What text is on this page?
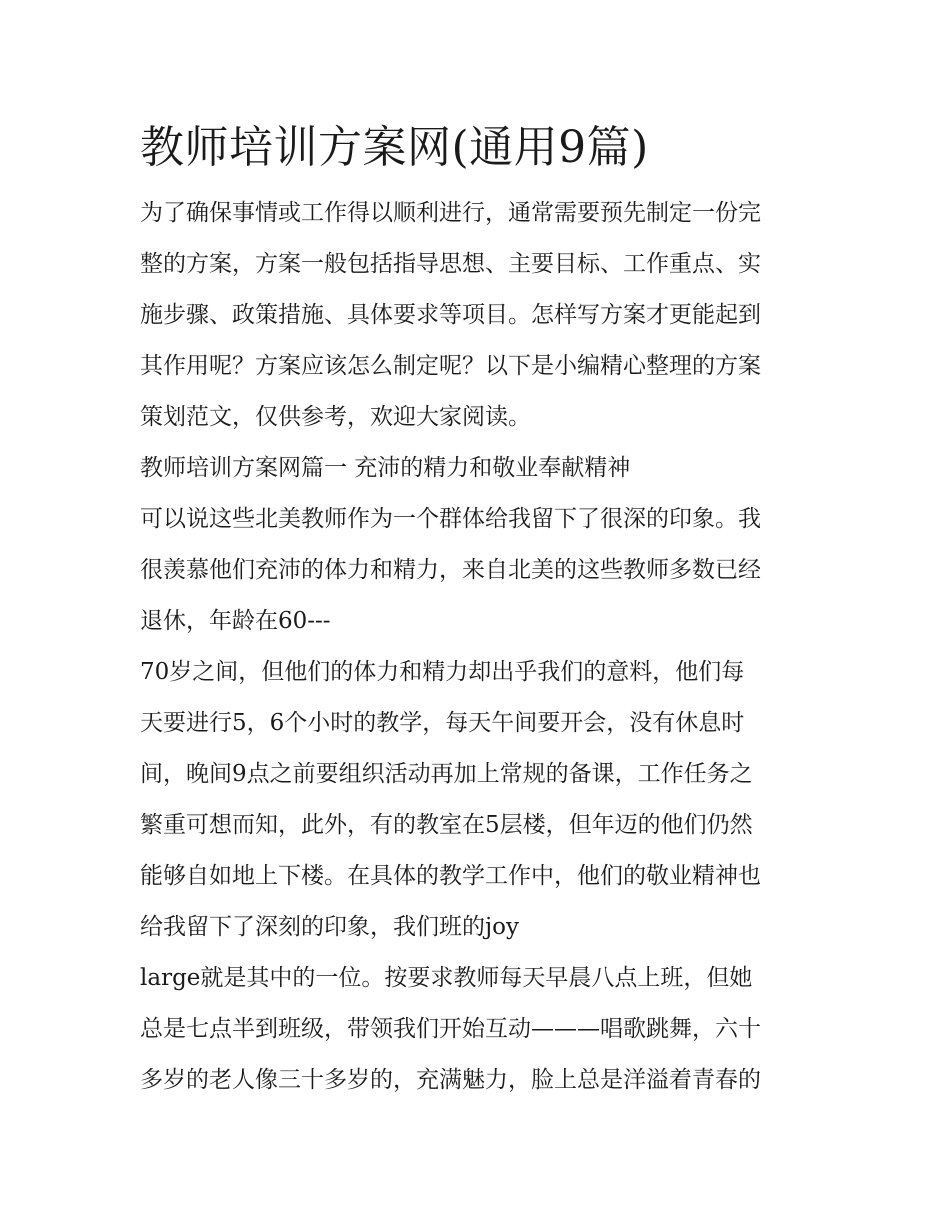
教师培训方案网(通用9篇)

为了确保事情或工作得以顺利进行，通常需要预先制定一份完

整的方案，方案一般包括指导思想、主要目标、工作重点、实

施步骤、政策措施、具体要求等项目。怎样写方案才更能起到

其作用呢？方案应该怎么制定呢？以下是小编精心整理的方案

策划范文，仅供参考，欢迎大家阅读。

教师培训方案网篇一 充沛的精力和敬业奉献精神

可以说这些北美教师作为一个群体给我留下了很深的印象。我

很羡慕他们充沛的体力和精力，来自北美的这些教师多数已经

退休，年龄在60---

70岁之间，但他们的体力和精力却出乎我们的意料，他们每

天要进行5，6个小时的教学，每天午间要开会，没有休息时

间，晚间9点之前要组织活动再加上常规的备课，工作任务之

繁重可想而知，此外，有的教室在5层楼，但年迈的他们仍然

能够自如地上下楼。在具体的教学工作中，他们的敬业精神也

给我留下了深刻的印象，我们班的joy

large就是其中的一位。按要求教师每天早晨八点上班，但她

总是七点半到班级，带领我们开始互动———唱歌跳舞，六十

多岁的老人像三十多岁的，充满魅力，脸上总是洋溢着青春的
